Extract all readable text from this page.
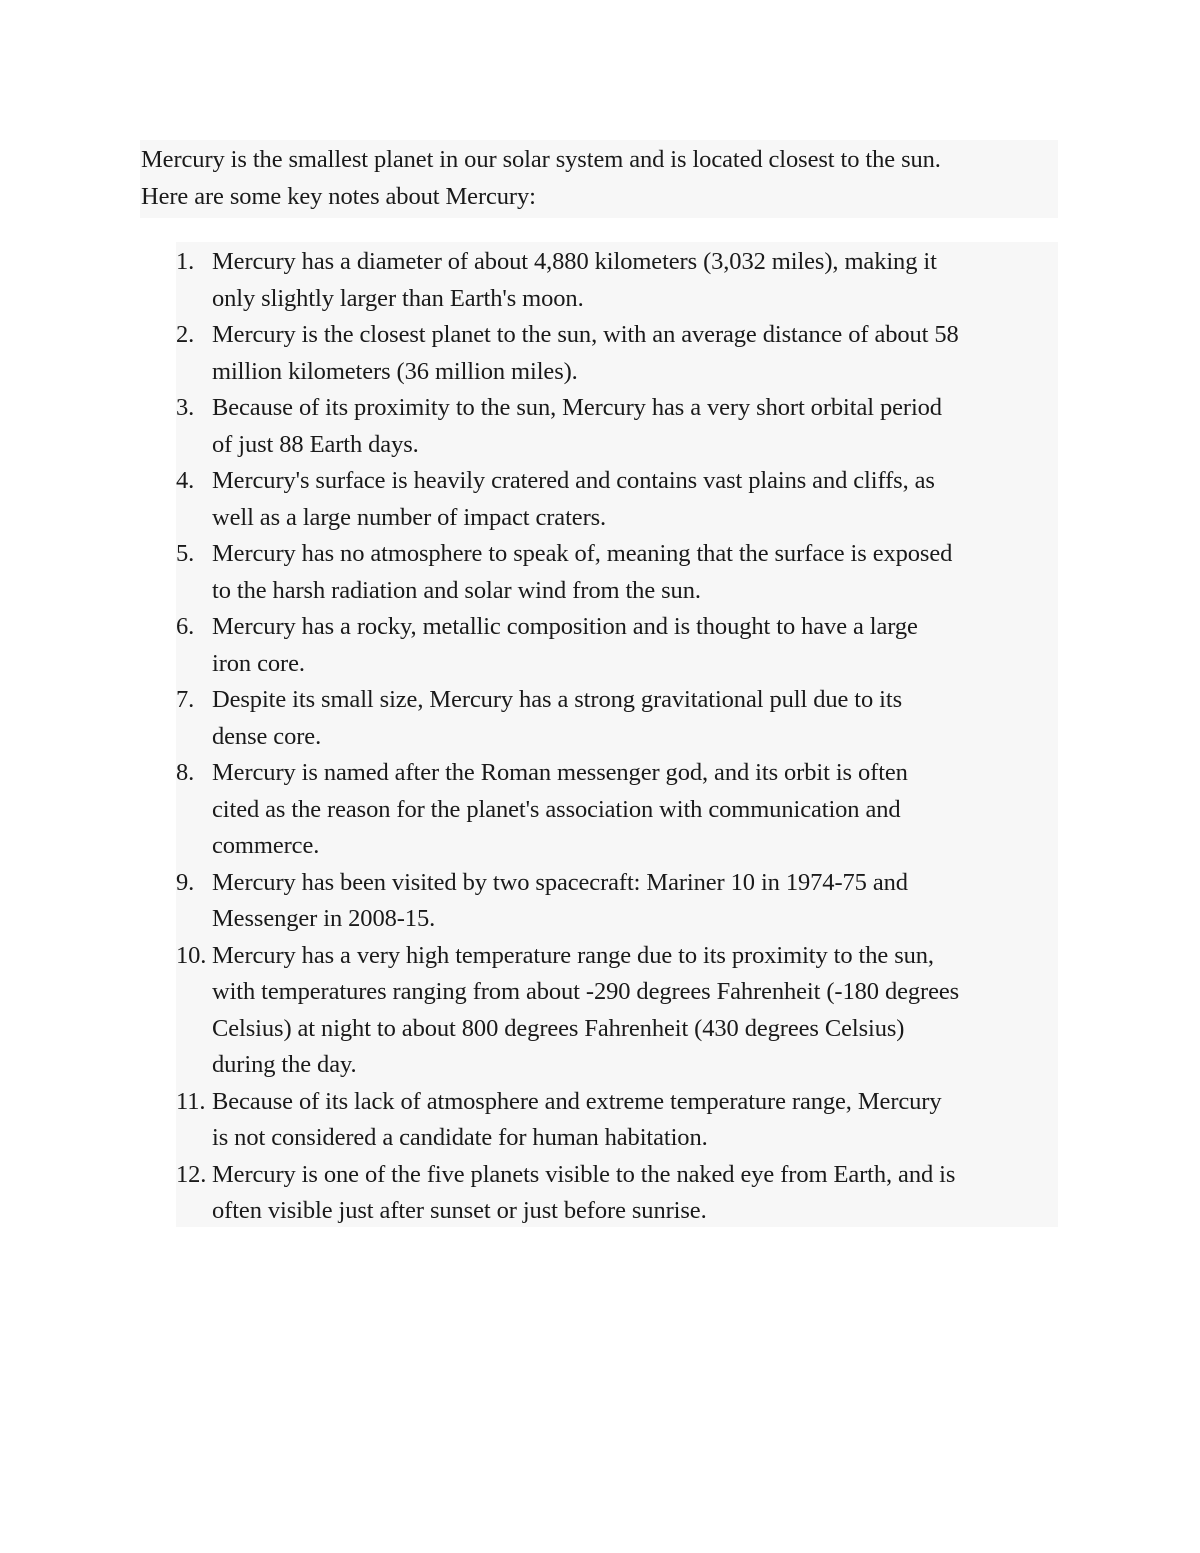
Mercury is the smallest planet in our solar system and is located closest to the sun.
Here are some key notes about Mercury:
1. Mercury has a diameter of about 4,880 kilometers (3,032 miles), making it
only slightly larger than Earth's moon.
2. Mercury is the closest planet to the sun, with an average distance of about 58
million kilometers (36 million miles).
3. Because of its proximity to the sun, Mercury has a very short orbital period
of just 88 Earth days.
4. Mercury's surface is heavily cratered and contains vast plains and cliffs, as
well as a large number of impact craters.
5. Mercury has no atmosphere to speak of, meaning that the surface is exposed
to the harsh radiation and solar wind from the sun.
6. Mercury has a rocky, metallic composition and is thought to have a large
iron core.
7. Despite its small size, Mercury has a strong gravitational pull due to its
dense core.
8. Mercury is named after the Roman messenger god, and its orbit is often
cited as the reason for the planet's association with communication and
commerce.
9. Mercury has been visited by two spacecraft: Mariner 10 in 1974-75 and
Messenger in 2008-15.
10. Mercury has a very high temperature range due to its proximity to the sun,
with temperatures ranging from about -290 degrees Fahrenheit (-180 degrees
Celsius) at night to about 800 degrees Fahrenheit (430 degrees Celsius)
during the day.
11. Because of its lack of atmosphere and extreme temperature range, Mercury
is not considered a candidate for human habitation.
12. Mercury is one of the five planets visible to the naked eye from Earth, and is
often visible just after sunset or just before sunrise.
